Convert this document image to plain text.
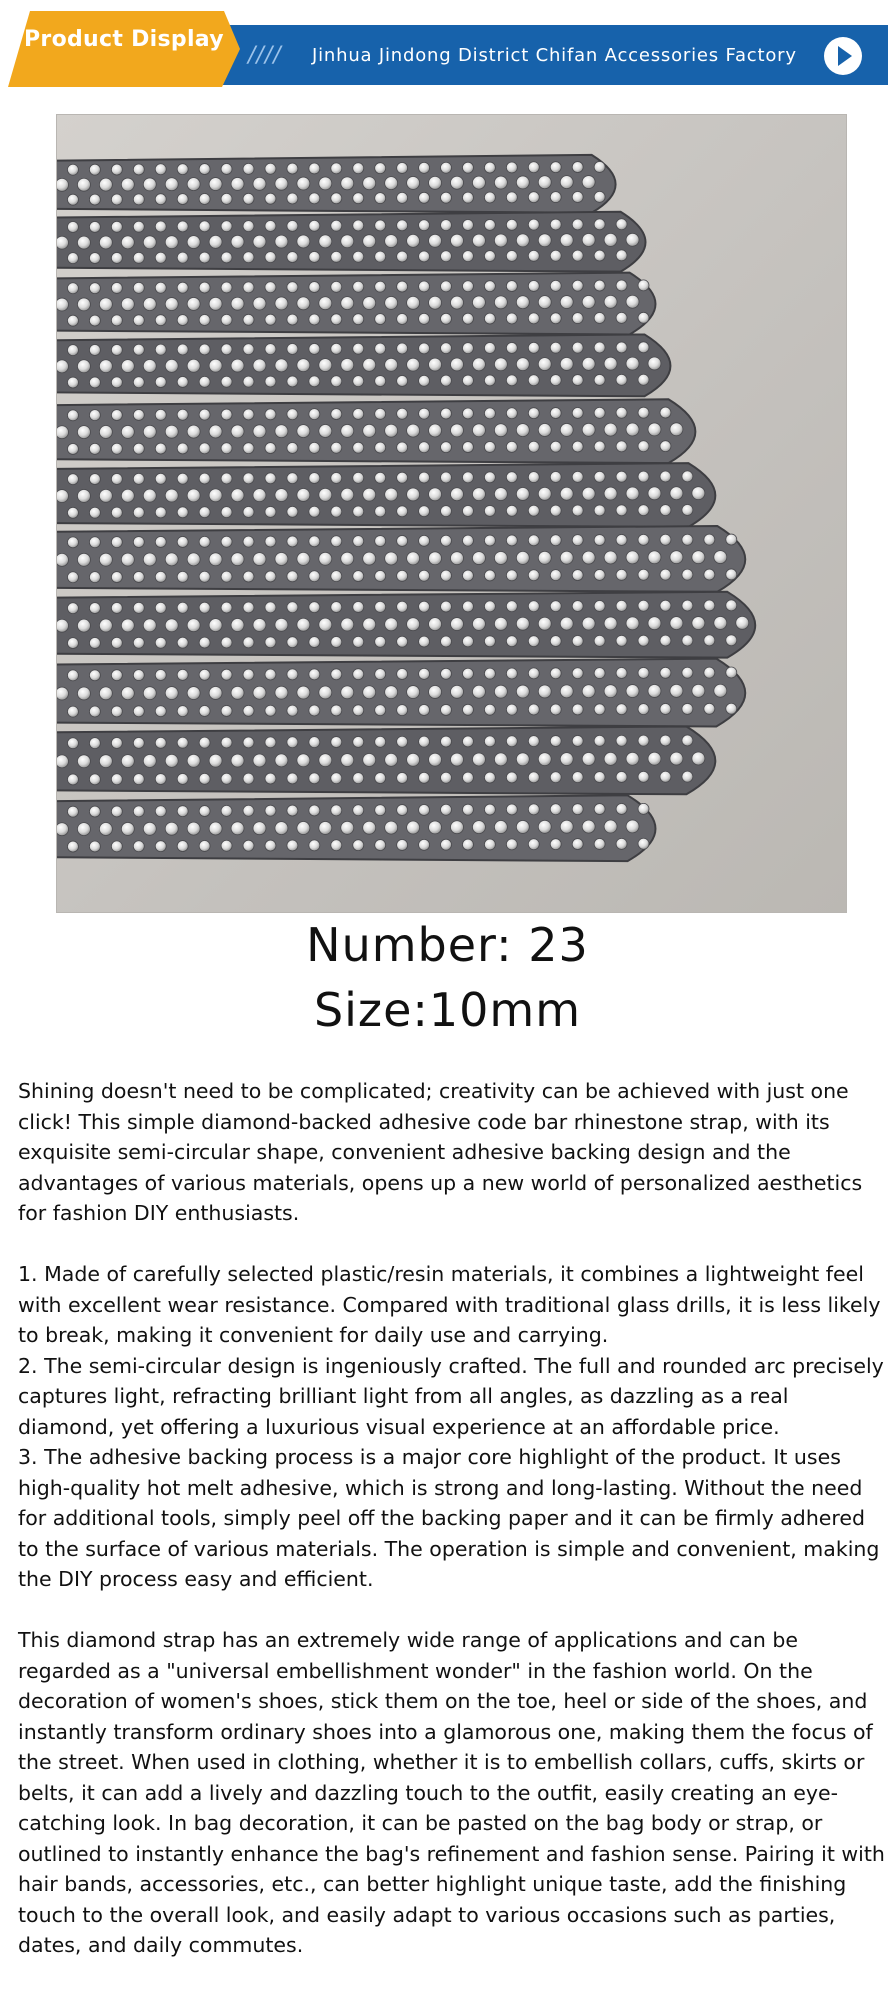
Product Display
//// Jinhua Jindong District Chifan Accessories Factory
Number: 23
Size:10mm

Shining doesn't need to be complicated; creativity can be achieved with just one click! This simple diamond-backed adhesive code bar rhinestone strap, with its exquisite semi-circular shape, convenient adhesive backing design and the advantages of various materials, opens up a new world of personalized aesthetics for fashion DIY enthusiasts.

1. Made of carefully selected plastic/resin materials, it combines a lightweight feel with excellent wear resistance. Compared with traditional glass drills, it is less likely to break, making it convenient for daily use and carrying.

2. The semi-circular design is ingeniously crafted. The full and rounded arc precisely captures light, refracting brilliant light from all angles, as dazzling as a real diamond, yet offering a luxurious visual experience at an affordable price.

3. The adhesive backing process is a major core highlight of the product. It uses high-quality hot melt adhesive, which is strong and long-lasting. Without the need for additional tools, simply peel off the backing paper and it can be firmly adhered to the surface of various materials. The operation is simple and convenient, making the DIY process easy and efficient.

This diamond strap has an extremely wide range of applications and can be regarded as a "universal embellishment wonder" in the fashion world. On the decoration of women's shoes, stick them on the toe, heel or side of the shoes, and instantly transform ordinary shoes into a glamorous one, making them the focus of the street. When used in clothing, whether it is to embellish collars, cuffs, skirts or belts, it can add a lively and dazzling touch to the outfit, easily creating an eye-catching look. In bag decoration, it can be pasted on the bag body or strap, or outlined to instantly enhance the bag's refinement and fashion sense. Pairing it with hair bands, accessories, etc., can better highlight unique taste, add the finishing touch to the overall look, and easily adapt to various occasions such as parties, dates, and daily commutes.
